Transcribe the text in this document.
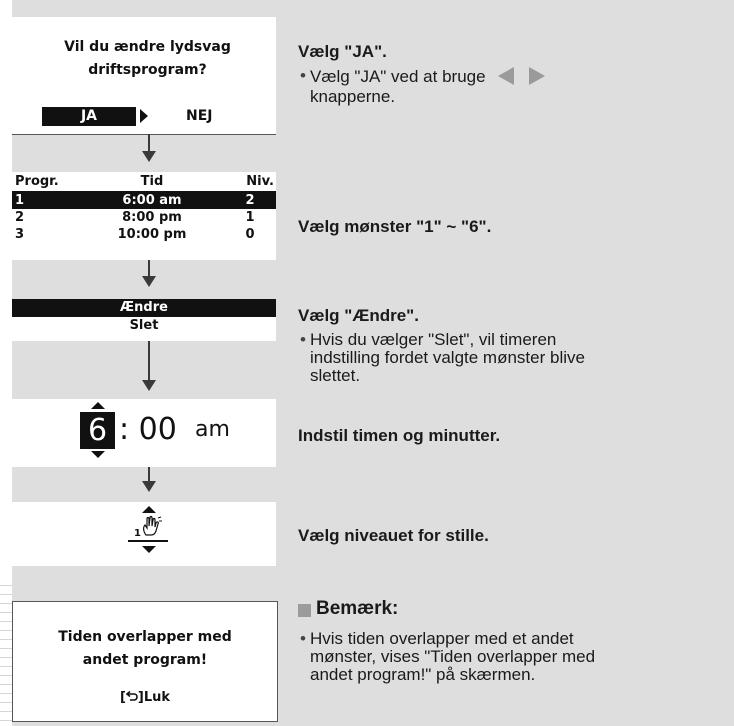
Vil du ændre lydsvag
driftsprogram?
JA	NEJ
Progr.	Tid	Niv.
1	6:00 am	2
2	8:00 pm	1
3	10:00 pm	0
Ændre
Slet
6 : 00 am
1
Tiden overlapper med
andet program!
[ ]Luk
Vælg "JA".
• Vælg "JA" ved at bruge
knapperne.
Vælg mønster "1" ~ "6".
Vælg "Ændre".
• Hvis du vælger "Slet", vil timeren
indstilling fordet valgte mønster blive
slettet.
Indstil timen og minutter.
Vælg niveauet for stille.
Bemærk:
• Hvis tiden overlapper med et andet
mønster, vises "Tiden overlapper med
andet program!" på skærmen.
